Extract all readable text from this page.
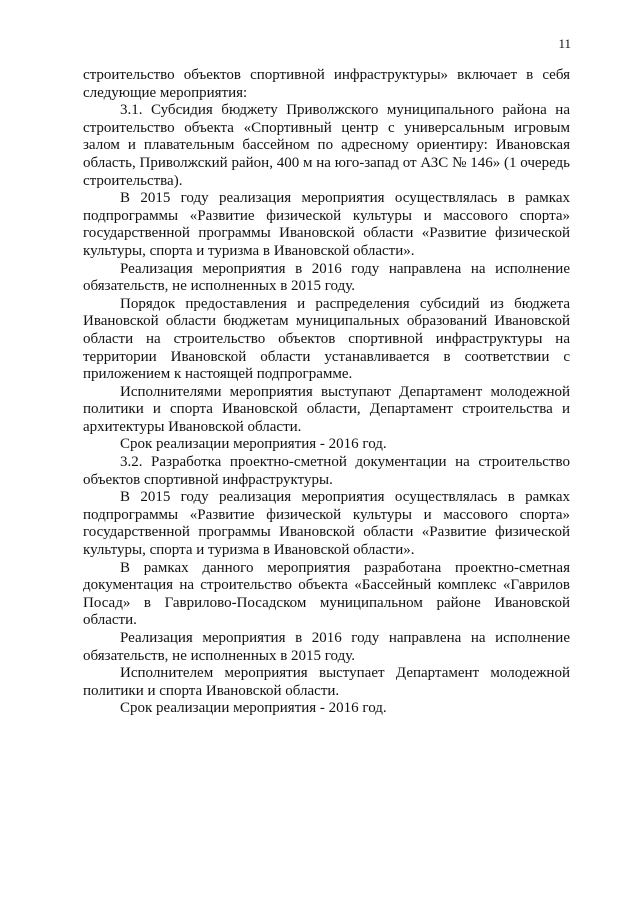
11

строительство объектов спортивной инфраструктуры» включает в себя следующие мероприятия:

3.1. Субсидия бюджету Приволжского муниципального района на строительство объекта «Спортивный центр с универсальным игровым залом и плавательным бассейном по адресному ориентиру: Ивановская область, Приволжский район, 400 м на юго-запад от АЗС № 146» (1 очередь строительства).

В 2015 году реализация мероприятия осуществлялась в рамках подпрограммы «Развитие физической культуры и массового спорта» государственной программы Ивановской области «Развитие физической культуры, спорта и туризма в Ивановской области».

Реализация мероприятия в 2016 году направлена на исполнение обязательств, не исполненных в 2015 году.

Порядок предоставления и распределения субсидий из бюджета Ивановской области бюджетам муниципальных образований Ивановской области на строительство объектов спортивной инфраструктуры на территории Ивановской области устанавливается в соответствии с приложением к настоящей подпрограмме.

Исполнителями мероприятия выступают Департамент молодежной политики и спорта Ивановской области, Департамент строительства и архитектуры Ивановской области.

Срок реализации мероприятия - 2016 год.

3.2. Разработка проектно-сметной документации на строительство объектов спортивной инфраструктуры.

В 2015 году реализация мероприятия осуществлялась в рамках подпрограммы «Развитие физической культуры и массового спорта» государственной программы Ивановской области «Развитие физической культуры, спорта и туризма в Ивановской области».

В рамках данного мероприятия разработана проектно-сметная документация на строительство объекта «Бассейный комплекс «Гаврилов Посад» в Гаврилово-Посадском муниципальном районе Ивановской области.

Реализация мероприятия в 2016 году направлена на исполнение обязательств, не исполненных в 2015 году.

Исполнителем мероприятия выступает Департамент молодежной политики и спорта Ивановской области.

Срок реализации мероприятия - 2016 год.
